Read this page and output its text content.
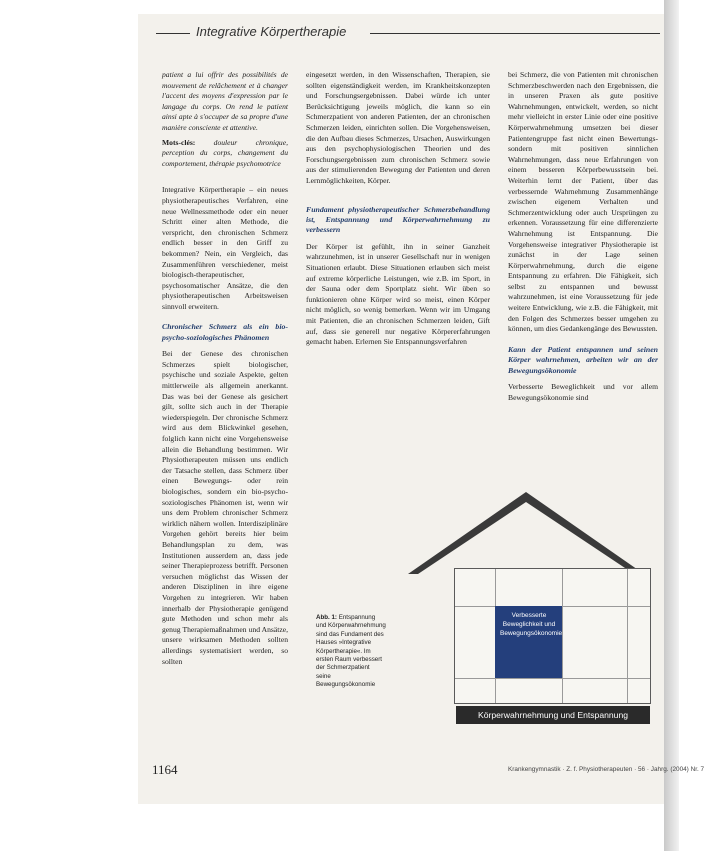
Integrative Körpertherapie

patient a lui offrir des possibilités de mouvement de relâchement et à changer l'accent des moyens d'expression par le langage du corps. On rend le patient ainsi apte à s'occuper de sa propre d'une manière consciente et attentive.

Mots-clés: douleur chronique, perception du corps, changement du comportement, thérapie psychomotrice

Integrative Körpertherapie – ein neues physiotherapeutisches Verfahren, eine neue Wellnessmethode oder ein neuer Schritt einer alten Methode, die verspricht, den chronischen Schmerz endlich besser in den Griff zu bekommen? Nein, ein Vergleich, das Zusammenführen verschiedener, meist biologisch-therapeutischer, psychosomatischer Ansätze, die den physiotherapeutischen Arbeitsweisen sinnvoll erweitern.

Chronischer Schmerz als ein bio-psycho-soziologisches Phänomen

Bei der Genese des chronischen Schmerzes spielt biologischer, psychische und soziale Aspekte, gelten mittlerweile als allgemein anerkannt. Das was bei der Genese als gesichert gilt, sollte sich auch in der Therapie wiederspiegeln. Der chronische Schmerz wird aus dem Blickwinkel gesehen, folglich kann nicht eine Vorgehensweise allein die Behandlung bestimmen. Wir Physiotherapeuten müssen uns endlich der Tatsache stellen, dass Schmerz über einen Bewegungs- oder rein biologisches, sondern ein bio-psycho-soziologisches Phänomen ist, wenn wir uns dem Problem chronischer Schmerz wirklich nähern wollen. Interdisziplinäre Vorgehen gehört bereits hier beim Behandlungsplan zu dem, was Institutionen ausserdem an, dass jede seiner Therapieprozess betrifft. Personen versuchen möglichst das Wissen der anderen Disziplinen in ihre eigene Vorgehen zu integrieren. Wir haben innerhalb der Physiotherapie genügend gute Methoden und schon mehr als genug Therapiemaßnahmen und Ansätze, unsere wirksamen Methoden sollten allerdings systematisiert werden, so sollten

eingesetzt werden, in den Wissenschaften, Therapien, sie sollten eigenständigkeit werden, im Krankheitskonzepten und Forschungsergebnissen. Dabei würde ich unter Berücksichtigung jeweils möglich, die kann so ein Schmerzpatient von anderen Patienten, der an chronischen Schmerzen leiden, einrichten sollen. Die Vorgehensweisen, die den Aufbau dieses Schmerzes, Ursachen, Auswirkungen aus den psychophysiologischen Theorien und des Forschungsergebnissen zum chronischen Schmerz sowie aus der stimulierenden Bewegung der Patienten und deren Lernmöglichkeiten, Körper.

Fundament physiotherapeutischer Schmerzbehandlung ist, Entspannung und Körperwahrnehmung zu verbessern

Der Körper ist gefühlt, ihn in seiner Ganzheit wahrzunehmen, ist in unserer Gesellschaft nur in wenigen Situationen erlaubt. Diese Situationen erlauben sich meist auf extreme körperliche Leistungen, wie z.B. im Sport, in der Sauna oder dem Sportplatz sieht. Wir üben so funktionieren ohne Körper wird so meist, einen Körper nicht möglich, so wenig bemerken. Wenn wir im Umgang mit Patienten, die an chronischen Schmerzen leiden, Gift auf, dass sie generell nur negative Körpererfahrungen gemacht haben. Erlernen Sie Entspannungsverfahren

bei Schmerz, die von Patienten mit chronischen Schmerzbeschwerden nach den Ergebnissen, die in unseren Praxen als gute positive Wahrnehmungen, entwickelt, werden, so nicht mehr vielleicht in erster Linie oder eine positive Körperwahrnehmung umsetzen bei dieser Patientengruppe fast nicht einen Bewertungs- sondern mit positiven sinnlichen Wahrnehmungen, dass neue Erfahrungen von einem besseren Körperbewusstsein bei. Weiterhin lernt der Patient, über das verbessernde Wahrnehmung Zusammenhänge zwischen eigenem Verhalten und Schmerzentwicklung oder auch Ursprüngen zu erkennen. Voraussetzung für eine differenzierte Wahrnehmung ist Entspannung. Die Vorgehensweise integrativer Physiotherapie ist zunächst in der Lage seinen Körperwahrnehmung, durch die eigene Entspannung zu erfahren. Die Fähigkeit, sich selbst zu entspannen und bewusst wahrzunehmen, ist eine Voraussetzung für jede weitere Entwicklung, wie z.B. die Fähigkeit, mit den Folgen des Schmerzes besser umgehen zu können, um dies Gedankengänge des Bewussten.

Kann der Patient entspannen und seinen Körper wahrnehmen, arbeiten wir an der Bewegungsökonomie

Verbesserte Beweglichkeit und vor allem Bewegungsökonomie sind

Verbesserte Beweglichkeit und Bewegungsökonomie
Körperwahrnehmung und Entspannung
Abb. 1: Entspannung und Körperwahrnehmung sind das Fundament des Hauses »Integrative Körpertherapie«. Im ersten Raum verbessert der Schmerzpatient seine Bewegungsökonomie
1164	Krankengymnastik · Z. f. Physiotherapeuten · 56 · Jahrg. (2004) Nr. 7
